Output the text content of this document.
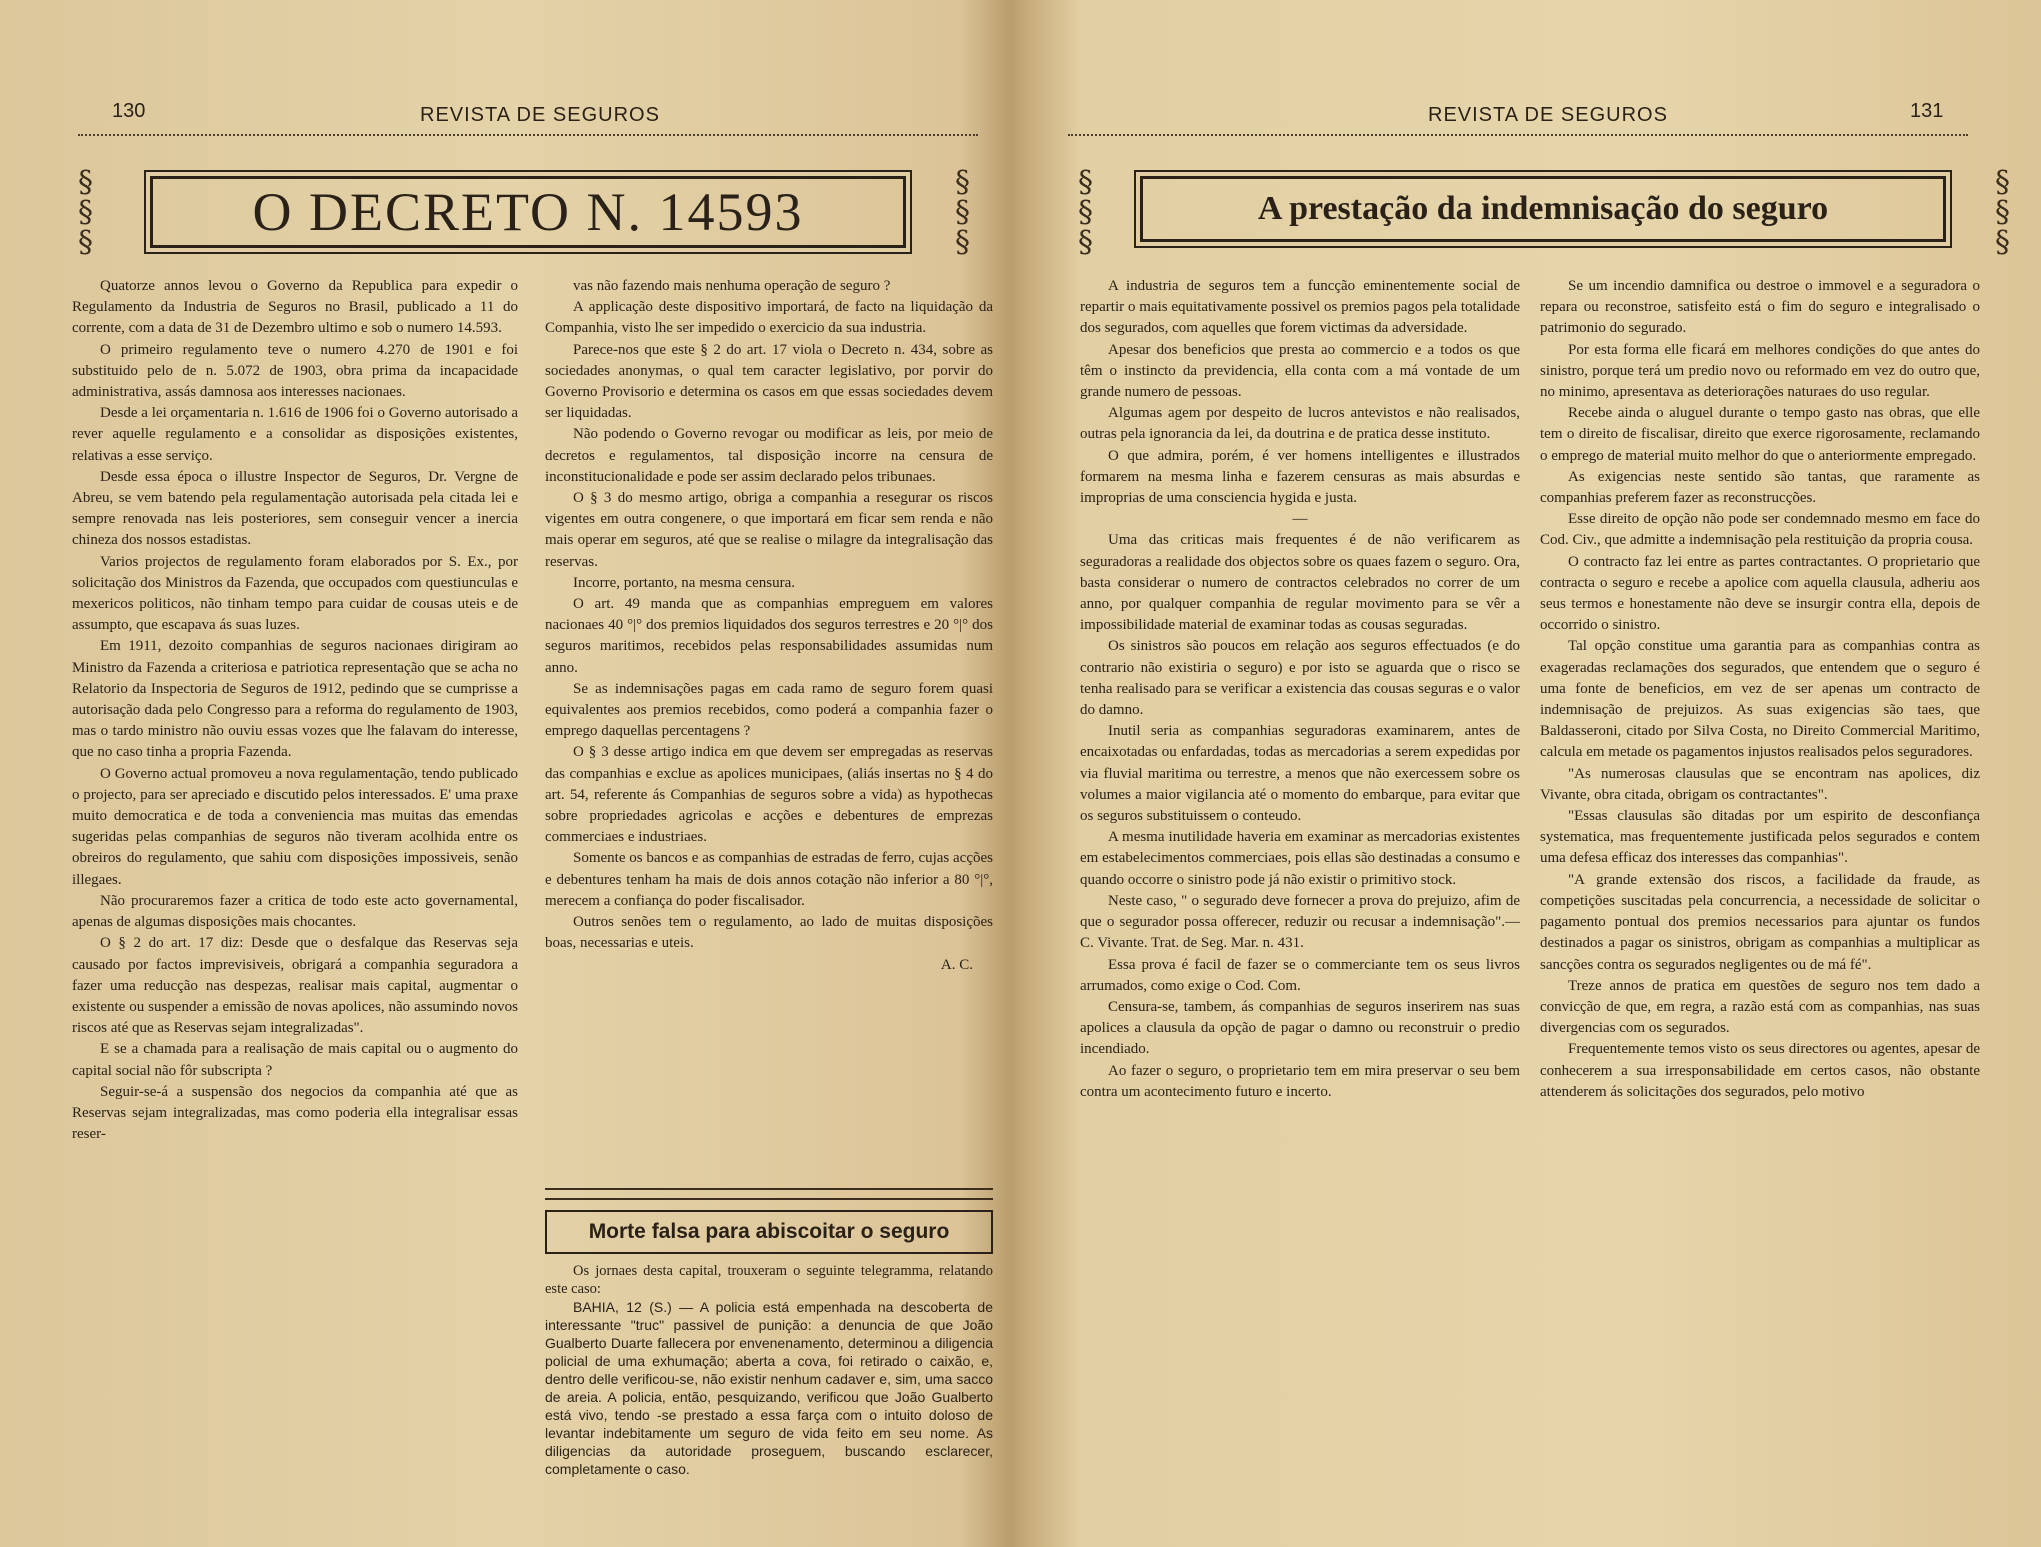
130	REVISTA DE SEGUROS
§
§
§
O DECRETO N. 14593	§
§
§

Quatorze annos levou o Governo da Republica para expedir o Regulamento da Industria de Seguros no Brasil, publicado a 11 do corrente, com a data de 31 de Dezembro ultimo e sob o numero 14.593.

O primeiro regulamento teve o numero 4.270 de 1901 e foi substituido pelo de n. 5.072 de 1903, obra prima da incapacidade administrativa, assás damnosa aos interesses nacionaes.

Desde a lei orçamentaria n. 1.616 de 1906 foi o Governo autorisado a rever aquelle regulamento e a consolidar as disposições existentes, relativas a esse serviço.

Desde essa época o illustre Inspector de Seguros, Dr. Vergne de Abreu, se vem batendo pela regulamentação autorisada pela citada lei e sempre renovada nas leis posteriores, sem conseguir vencer a inercia chineza dos nossos estadistas.

Varios projectos de regulamento foram elaborados por S. Ex., por solicitação dos Ministros da Fazenda, que occupados com questiunculas e mexericos politicos, não tinham tempo para cuidar de cousas uteis e de assumpto, que escapava ás suas luzes.

Em 1911, dezoito companhias de seguros nacionaes dirigiram ao Ministro da Fazenda a criteriosa e patriotica representação que se acha no Relatorio da Inspectoria de Seguros de 1912, pedindo que se cumprisse a autorisação dada pelo Congresso para a reforma do regulamento de 1903, mas o tardo ministro não ouviu essas vozes que lhe falavam do interesse, que no caso tinha a propria Fazenda.

O Governo actual promoveu a nova regulamentação, tendo publicado o projecto, para ser apreciado e discutido pelos interessados. E' uma praxe muito democratica e de toda a conveniencia mas muitas das emendas sugeridas pelas companhias de seguros não tiveram acolhida entre os obreiros do regulamento, que sahiu com disposições impossiveis, senão illegaes.

Não procuraremos fazer a critica de todo este acto governamental, apenas de algumas disposições mais chocantes.

O § 2 do art. 17 diz: Desde que o desfalque das Reservas seja causado por factos imprevisiveis, obrigará a companhia seguradora a fazer uma reducção nas despezas, realisar mais capital, augmentar o existente ou suspender a emissão de novas apolices, não assumindo novos riscos até que as Reservas sejam integralizadas".

E se a chamada para a realisação de mais capital ou o augmento do capital social não fôr subscripta ?

Seguir-se-á a suspensão dos negocios da companhia até que as Reservas sejam integralizadas, mas como poderia ella integralisar essas reser-

vas não fazendo mais nenhuma operação de seguro ?

A applicação deste dispositivo importará, de facto na liquidação da Companhia, visto lhe ser impedido o exercicio da sua industria.

Parece-nos que este § 2 do art. 17 viola o Decreto n. 434, sobre as sociedades anonymas, o qual tem caracter legislativo, por porvir do Governo Provisorio e determina os casos em que essas sociedades devem ser liquidadas.

Não podendo o Governo revogar ou modificar as leis, por meio de decretos e regulamentos, tal disposição incorre na censura de inconstitucionalidade e pode ser assim declarado pelos tribunaes.

O § 3 do mesmo artigo, obriga a companhia a resegurar os riscos vigentes em outra congenere, o que importará em ficar sem renda e não mais operar em seguros, até que se realise o milagre da integralisação das reservas.

Incorre, portanto, na mesma censura.

O art. 49 manda que as companhias empreguem em valores nacionaes 40 °|° dos premios liquidados dos seguros terrestres e 20 °|° dos seguros maritimos, recebidos pelas responsabilidades assumidas num anno.

Se as indemnisações pagas em cada ramo de seguro forem quasi equivalentes aos premios recebidos, como poderá a companhia fazer o emprego daquellas percentagens ?

O § 3 desse artigo indica em que devem ser empregadas as reservas das companhias e exclue as apolices municipaes, (aliás insertas no § 4 do art. 54, referente ás Companhias de seguros sobre a vida) as hypothecas sobre propriedades agricolas e acções e debentures de emprezas commerciaes e industriaes.

Somente os bancos e as companhias de estradas de ferro, cujas acções e debentures tenham ha mais de dois annos cotação não inferior a 80 °|°, merecem a confiança do poder fiscalisador.

Outros senões tem o regulamento, ao lado de muitas disposições boas, necessarias e uteis.

A. C.

Morte falsa para abiscoitar o seguro

Os jornaes desta capital, trouxeram o seguinte telegramma, relatando este caso:

BAHIA, 12 (S.) — A policia está empenhada na descoberta de interessante "truc" passivel de punição: a denuncia de que João Gualberto Duarte fallecera por envenenamento, determinou a diligencia policial de uma exhumação; aberta a cova, foi retirado o caixão, e, dentro delle verificou-se, não existir nenhum cadaver e, sim, uma sacco de areia. A policia, então, pesquizando, verificou que João Gualberto está vivo, tendo -se prestado a essa farça com o intuito doloso de levantar indebitamente um seguro de vida feito em seu nome. As diligencias da autoridade proseguem, buscando esclarecer, completamente o caso.

REVISTA DE SEGUROS	131
§
§
§
A prestação da indemnisação do seguro
§
§
§

A industria de seguros tem a funcção eminentemente social de repartir o mais equitativamente possivel os premios pagos pela totalidade dos segurados, com aquelles que forem victimas da adversidade.

Apesar dos beneficios que presta ao commercio e a todos os que têm o instincto da previdencia, ella conta com a má vontade de um grande numero de pessoas.

Algumas agem por despeito de lucros antevistos e não realisados, outras pela ignorancia da lei, da doutrina e de pratica desse instituto.

O que admira, porém, é ver homens intelligentes e illustrados formarem na mesma linha e fazerem censuras as mais absurdas e improprias de uma consciencia hygida e justa.

—

Uma das criticas mais frequentes é de não verificarem as seguradoras a realidade dos objectos sobre os quaes fazem o seguro. Ora, basta considerar o numero de contractos celebrados no correr de um anno, por qualquer companhia de regular movimento para se vêr a impossibilidade material de examinar todas as cousas seguradas.

Os sinistros são poucos em relação aos seguros effectuados (e do contrario não existiria o seguro) e por isto se aguarda que o risco se tenha realisado para se verificar a existencia das cousas seguras e o valor do damno.

Inutil seria as companhias seguradoras examinarem, antes de encaixotadas ou enfardadas, todas as mercadorias a serem expedidas por via fluvial maritima ou terrestre, a menos que não exercessem sobre os volumes a maior vigilancia até o momento do embarque, para evitar que os seguros substituissem o conteudo.

A mesma inutilidade haveria em examinar as mercadorias existentes em estabelecimentos commerciaes, pois ellas são destinadas a consumo e quando occorre o sinistro pode já não existir o primitivo stock.

Neste caso, " o segurado deve fornecer a prova do prejuizo, afim de que o segurador possa offerecer, reduzir ou recusar a indemnisação".— C. Vivante. Trat. de Seg. Mar. n. 431.

Essa prova é facil de fazer se o commerciante tem os seus livros arrumados, como exige o Cod. Com.

Censura-se, tambem, ás companhias de seguros inserirem nas suas apolices a clausula da opção de pagar o damno ou reconstruir o predio incendiado.

Ao fazer o seguro, o proprietario tem em mira preservar o seu bem contra um acontecimento futuro e incerto.

Se um incendio damnifica ou destroe o immovel e a seguradora o repara ou reconstroe, satisfeito está o fim do seguro e integralisado o patrimonio do segurado.

Por esta forma elle ficará em melhores condições do que antes do sinistro, porque terá um predio novo ou reformado em vez do outro que, no minimo, apresentava as deteriorações naturaes do uso regular.

Recebe ainda o aluguel durante o tempo gasto nas obras, que elle tem o direito de fiscalisar, direito que exerce rigorosamente, reclamando o emprego de material muito melhor do que o anteriormente empregado.

As exigencias neste sentido são tantas, que raramente as companhias preferem fazer as reconstrucções.

Esse direito de opção não pode ser condemnado mesmo em face do Cod. Civ., que admitte a indemnisação pela restituição da propria cousa.

O contracto faz lei entre as partes contractantes. O proprietario que contracta o seguro e recebe a apolice com aquella clausula, adheriu aos seus termos e honestamente não deve se insurgir contra ella, depois de occorrido o sinistro.

Tal opção constitue uma garantia para as companhias contra as exageradas reclamações dos segurados, que entendem que o seguro é uma fonte de beneficios, em vez de ser apenas um contracto de indemnisação de prejuizos. As suas exigencias são taes, que Baldasseroni, citado por Silva Costa, no Direito Commercial Maritimo, calcula em metade os pagamentos injustos realisados pelos seguradores.

"As numerosas clausulas que se encontram nas apolices, diz Vivante, obra citada, obrigam os contractantes".

"Essas clausulas são ditadas por um espirito de desconfiança systematica, mas frequentemente justificada pelos segurados e contem uma defesa efficaz dos interesses das companhias".

"A grande extensão dos riscos, a facilidade da fraude, as competições suscitadas pela concurrencia, a necessidade de solicitar o pagamento pontual dos premios necessarios para ajuntar os fundos destinados a pagar os sinistros, obrigam as companhias a multiplicar as sancções contra os segurados negligentes ou de má fé".

Treze annos de pratica em questões de seguro nos tem dado a convicção de que, em regra, a razão está com as companhias, nas suas divergencias com os segurados.

Frequentemente temos visto os seus directores ou agentes, apesar de conhecerem a sua irresponsabilidade em certos casos, não obstante attenderem ás solicitações dos segurados, pelo motivo
